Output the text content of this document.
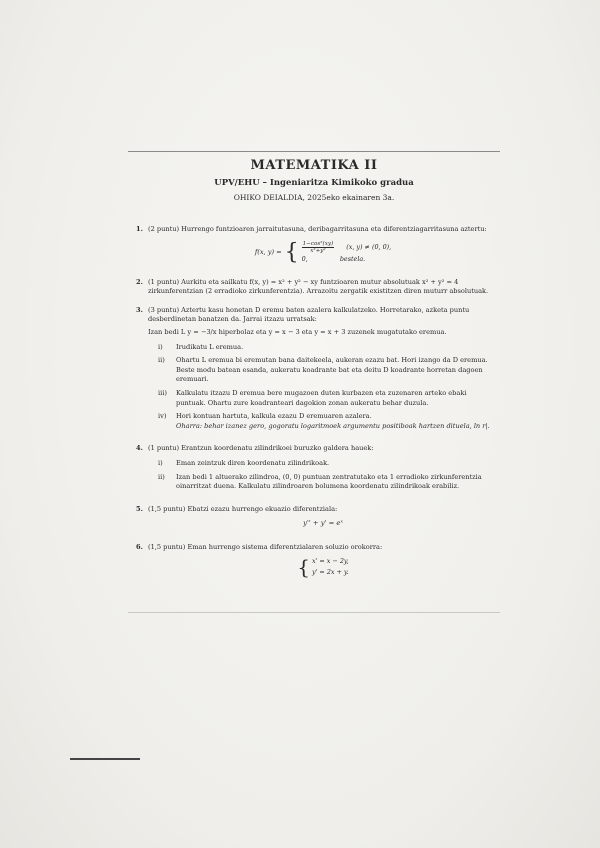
MATEMATIKA II
UPV/EHU – Ingeniaritza Kimikoko gradua
OHIKO DEIALDIA, 2025eko ekainaren 3a.
1. (2 puntu) Hurrengo funtzioaren jarraitutasuna, deribagarritasuna eta diferentziagarritasuna aztertu:
f(x, y) = { $\frac{\text{1−cos²(xy)}}{\text{x²+y²}} (x$, y) ≠ (0, 0),
0,	bestela.
2. (1 puntu) Aurkitu eta sailkatu f(x, y) = x² + y² − xy funtzioaren mutur absolutuak x² + y² = 4 zirkunferentzian (2 erradioko zirkunferentzia). Arrazoitu zergatik existitzen diren muturr absolutuak.
3. (3 puntu) Aztertu kasu honetan D eremu baten azalera kalkulatzeko. Horretarako, azketa puntu desberdinetan banatzen da. Jarrai itzazu urratsak:
Izan bedi L y = −3/x hiperbolaz eta y = x − 3 eta y = x + 3 zuzenek mugatutako eremua.
i)	Irudikatu L eremua.
ii)	Ohartu L eremua bi eremutan bana daitekeela, aukeran ezazu bat. Hori izango da D eremua. Beste modu batean esanda, aukeratu koadrante bat eta deitu D koadrante horretan dagoen eremuari.
iii)	Kalkulatu itzazu D eremua bere mugazoen duten kurbazen eta zuzenaren arteko ebaki puntuak. Ohartu zure koadranteari dagokion zonan aukeratu behar duzula.
iv)	Hori kontuan hartuta, kalkula ezazu D eremuaren azalera.
Oharra: behar izanez gero, gogoratu logaritmoek argumentu positiboak hartzen dituela, ln r|.
4. (1 puntu) Erantzun koordenatu zilindrikoei buruzko galdera hauek:
i)	Eman zeintzuk diren koordenatu zilindrikoak.
ii)	Izan bedi 1 altuerako zilindroa, (0, 0) puntuan zentratutako eta 1 erradioko zirkunferentzia oinarritzat duena. Kalkulatu zilindroaren bolumena koordenatu zilindrikoak erabiliz.
5. (1,5 puntu) Ebatzi ezazu hurrengo ekuazio diferentziala:
y'' + y' = eˣ
6. (1,5 puntu) Eman hurrengo sistema diferentzialaren soluzio orokorra:
{ x' = x − 2y,
y' = 2x + y.
